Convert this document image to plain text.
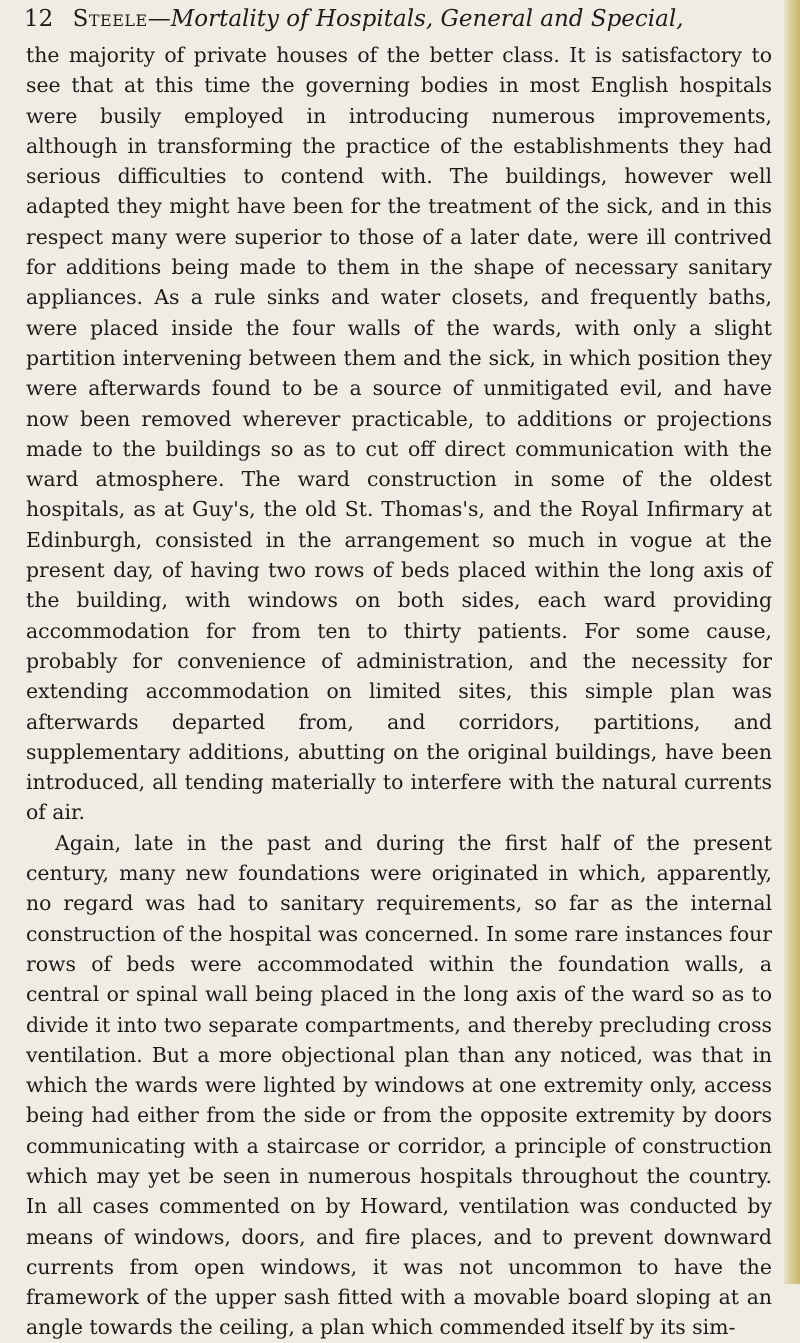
12 Steele—Mortality of Hospitals, General and Special,

the majority of private houses of the better class. It is satisfactory to see that at this time the governing bodies in most English hospitals were busily employed in introducing numerous improvements, although in transforming the practice of the establishments they had serious difficulties to contend with. The buildings, however well adapted they might have been for the treatment of the sick, and in this respect many were superior to those of a later date, were ill contrived for additions being made to them in the shape of necessary sanitary appliances. As a rule sinks and water closets, and frequently baths, were placed inside the four walls of the wards, with only a slight partition intervening between them and the sick, in which position they were afterwards found to be a source of unmitigated evil, and have now been removed wherever practicable, to additions or projections made to the buildings so as to cut off direct communication with the ward atmosphere. The ward construction in some of the oldest hospitals, as at Guy's, the old St. Thomas's, and the Royal Infirmary at Edinburgh, consisted in the arrangement so much in vogue at the present day, of having two rows of beds placed within the long axis of the building, with windows on both sides, each ward providing accommodation for from ten to thirty patients. For some cause, probably for convenience of administration, and the necessity for extending accommodation on limited sites, this simple plan was afterwards departed from, and corridors, partitions, and supplementary additions, abutting on the original buildings, have been introduced, all tending materially to interfere with the natural currents of air.

Again, late in the past and during the first half of the present century, many new foundations were originated in which, apparently, no regard was had to sanitary requirements, so far as the internal construction of the hospital was concerned. In some rare instances four rows of beds were accommodated within the foundation walls, a central or spinal wall being placed in the long axis of the ward so as to divide it into two separate compartments, and thereby precluding cross ventilation. But a more objectional plan than any noticed, was that in which the wards were lighted by windows at one extremity only, access being had either from the side or from the opposite extremity by doors communicating with a staircase or corridor, a principle of construction which may yet be seen in numerous hospitals throughout the country. In all cases commented on by Howard, ventilation was conducted by means of windows, doors, and fire places, and to prevent downward currents from open windows, it was not uncommon to have the framework of the upper sash fitted with a movable board sloping at an angle towards the ceiling, a plan which commended itself by its sim-
